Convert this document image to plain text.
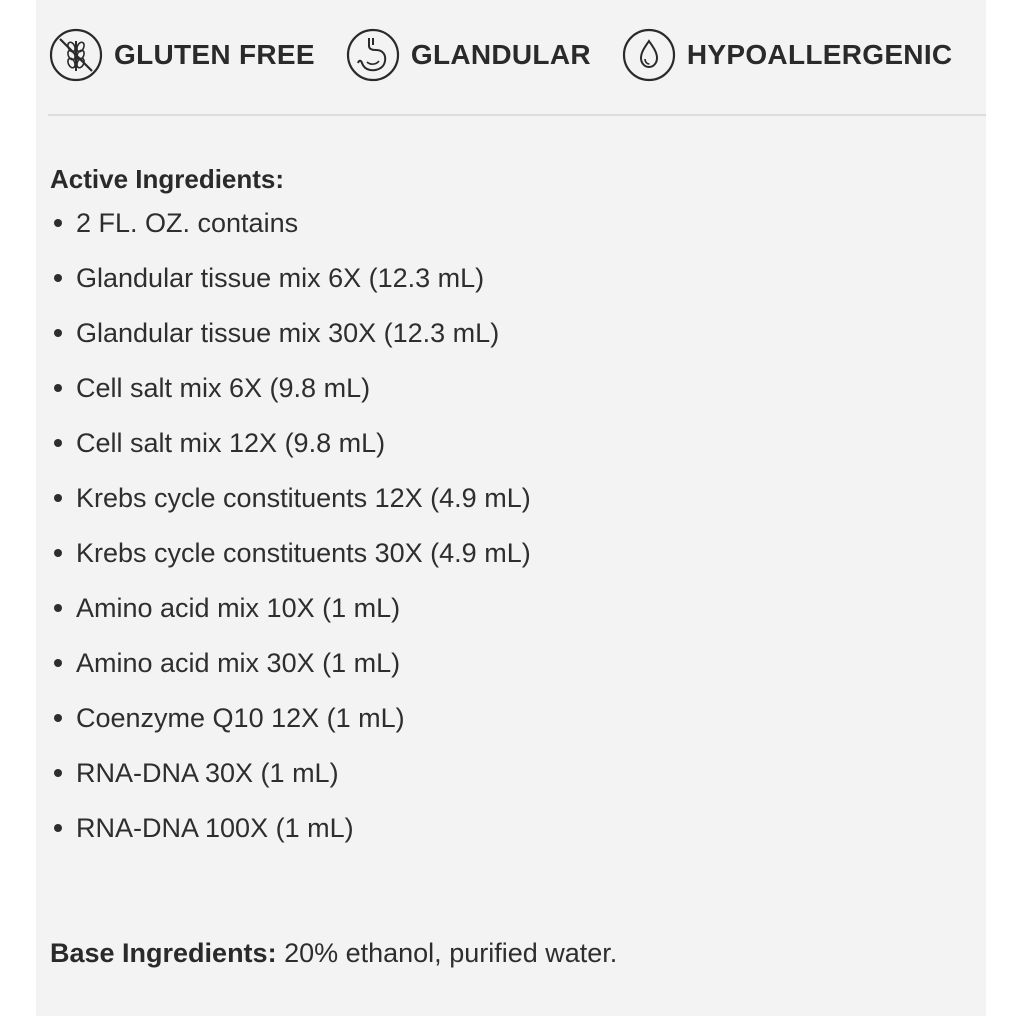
GLUTEN FREE	GLANDULAR	HYPOALLERGENIC
Active Ingredients:
2 FL. OZ. contains
Glandular tissue mix 6X (12.3 mL)
Glandular tissue mix 30X (12.3 mL)
Cell salt mix 6X (9.8 mL)
Cell salt mix 12X (9.8 mL)
Krebs cycle constituents 12X (4.9 mL)
Krebs cycle constituents 30X (4.9 mL)
Amino acid mix 10X (1 mL)
Amino acid mix 30X (1 mL)
Coenzyme Q10 12X (1 mL)
RNA-DNA 30X (1 mL)
RNA-DNA 100X (1 mL)
Base Ingredients: 20% ethanol, purified water.
